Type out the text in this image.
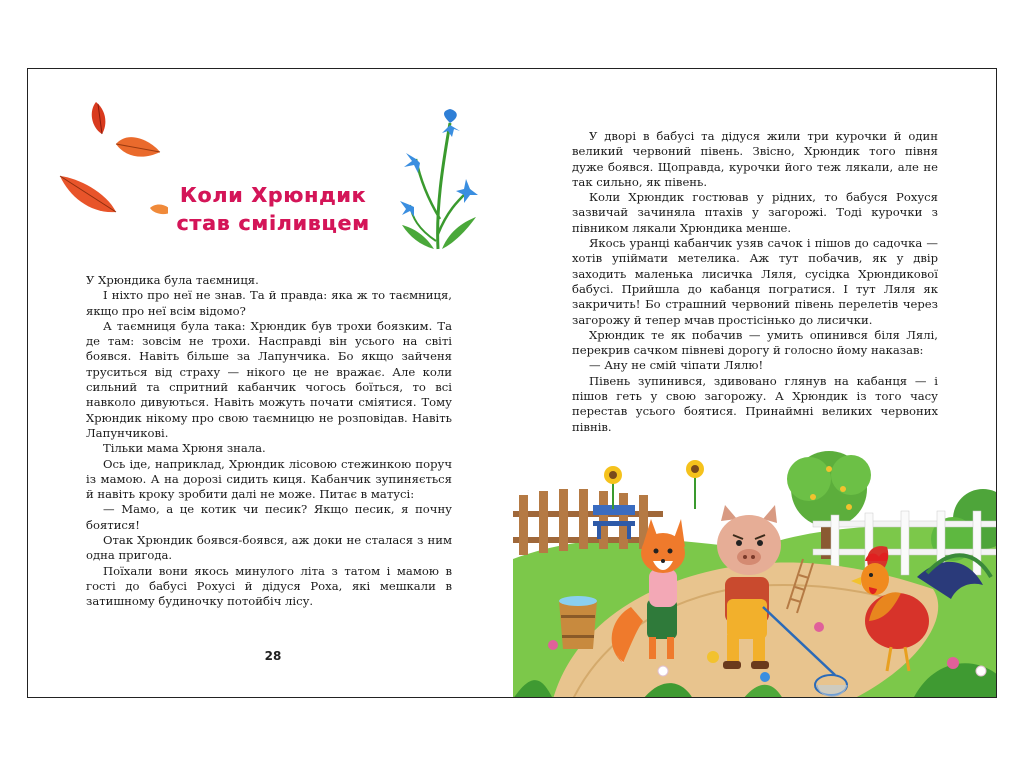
Коли Хрюндик
став сміливцем

У Хрюндика була таємниця.

І ніхто про неї не знав. Та й правда: яка ж то таємниця, якщо про неї всім відомо?

А таємниця була така: Хрюндик був трохи боязким. Та де там: зовсім не трохи. Насправді він усього на світі боявся. Навіть більше за Лапунчика. Бо якщо зайченя труситься від страху — нікого це не вражає. Але коли сильний та спритний кабанчик чогось боїться, то всі навколо дивуються. Навіть можуть почати сміятися. Тому Хрюндик нікому про свою таємницю не розповідав. Навіть Лапунчикові.

Тільки мама Хрюня знала.

Ось іде, наприклад, Хрюндик лісовою стежинкою поруч із мамою. А на дорозі сидить киця. Кабанчик зупиняється й навіть кроку зробити далі не може. Питає в матусі:

— Мамо, а це котик чи песик? Якщо песик, я почну боятися!

Отак Хрюндик боявся-боявся, аж доки не сталася з ним одна пригода.

Поїхали вони якось минулого літа з татом і мамою в гості до бабусі Рохусі й дідуся Роха, які мешкали в затишному будиночку потойбіч лісу.

28

У дворі в бабусі та дідуся жили три курочки й один великий червоний півень. Звісно, Хрюндик того півня дуже боявся. Щоправда, курочки його теж лякали, але не так сильно, як півень.

Коли Хрюндик гостював у рідних, то бабуся Рохуся зазвичай зачиняла птахів у загорожі. Тоді курочки з півником лякали Хрюндика менше.

Якось уранці кабанчик узяв сачок і пішов до садочка — хотів упіймати метелика. Аж тут побачив, як у двір заходить маленька лисичка Ляля, сусідка Хрюндикової бабусі. Прийшла до кабанця погратися. І тут Ляля як закричить! Бо страшний червоний півень перелетів через загорожу й тепер мчав простісінько до лисички.

Хрюндик те як побачив — умить опинився біля Лялі, перекрив сачком півневі дорогу й голосно йому наказав:

— Ану не смій чіпати Лялю!

Півень зупинився, здивовано глянув на кабанця — і пішов геть у свою загорожу. А Хрюндик із того часу перестав усього боятися. Принаймні великих червоних півнів.
